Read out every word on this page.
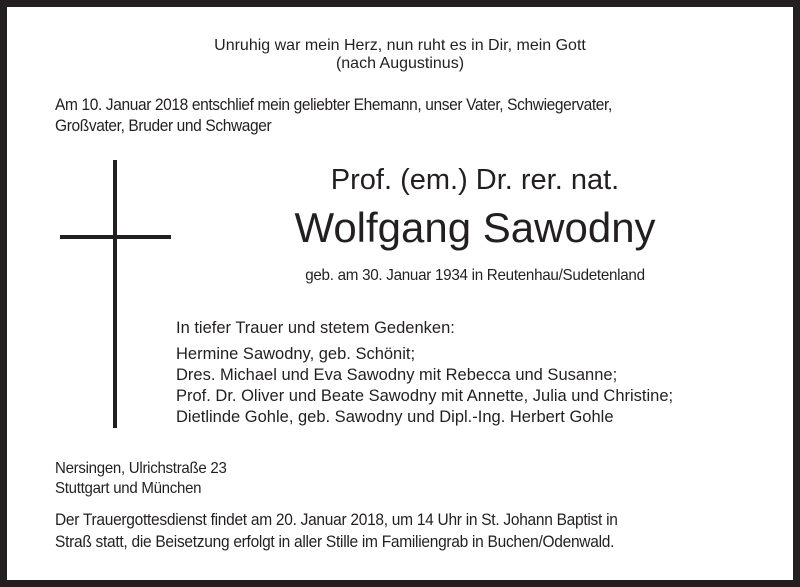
Unruhig war mein Herz, nun ruht es in Dir, mein Gott
(nach Augustinus)
Am 10. Januar 2018 entschlief mein geliebter Ehemann, unser Vater, Schwiegervater,
Großvater, Bruder und Schwager
Prof. (em.) Dr. rer. nat.
Wolfgang Sawodny
geb. am 30. Januar 1934 in Reutenhau/Sudetenland
In tiefer Trauer und stetem Gedenken:
Hermine Sawodny, geb. Schönit;
Dres. Michael und Eva Sawodny mit Rebecca und Susanne;
Prof. Dr. Oliver und Beate Sawodny mit Annette, Julia und Christine;
Dietlinde Gohle, geb. Sawodny und Dipl.-Ing. Herbert Gohle
Nersingen, Ulrichstraße 23
Stuttgart und München
Der Trauergottesdienst findet am 20. Januar 2018, um 14 Uhr in St. Johann Baptist in
Straß statt, die Beisetzung erfolgt in aller Stille im Familiengrab in Buchen/Odenwald.
